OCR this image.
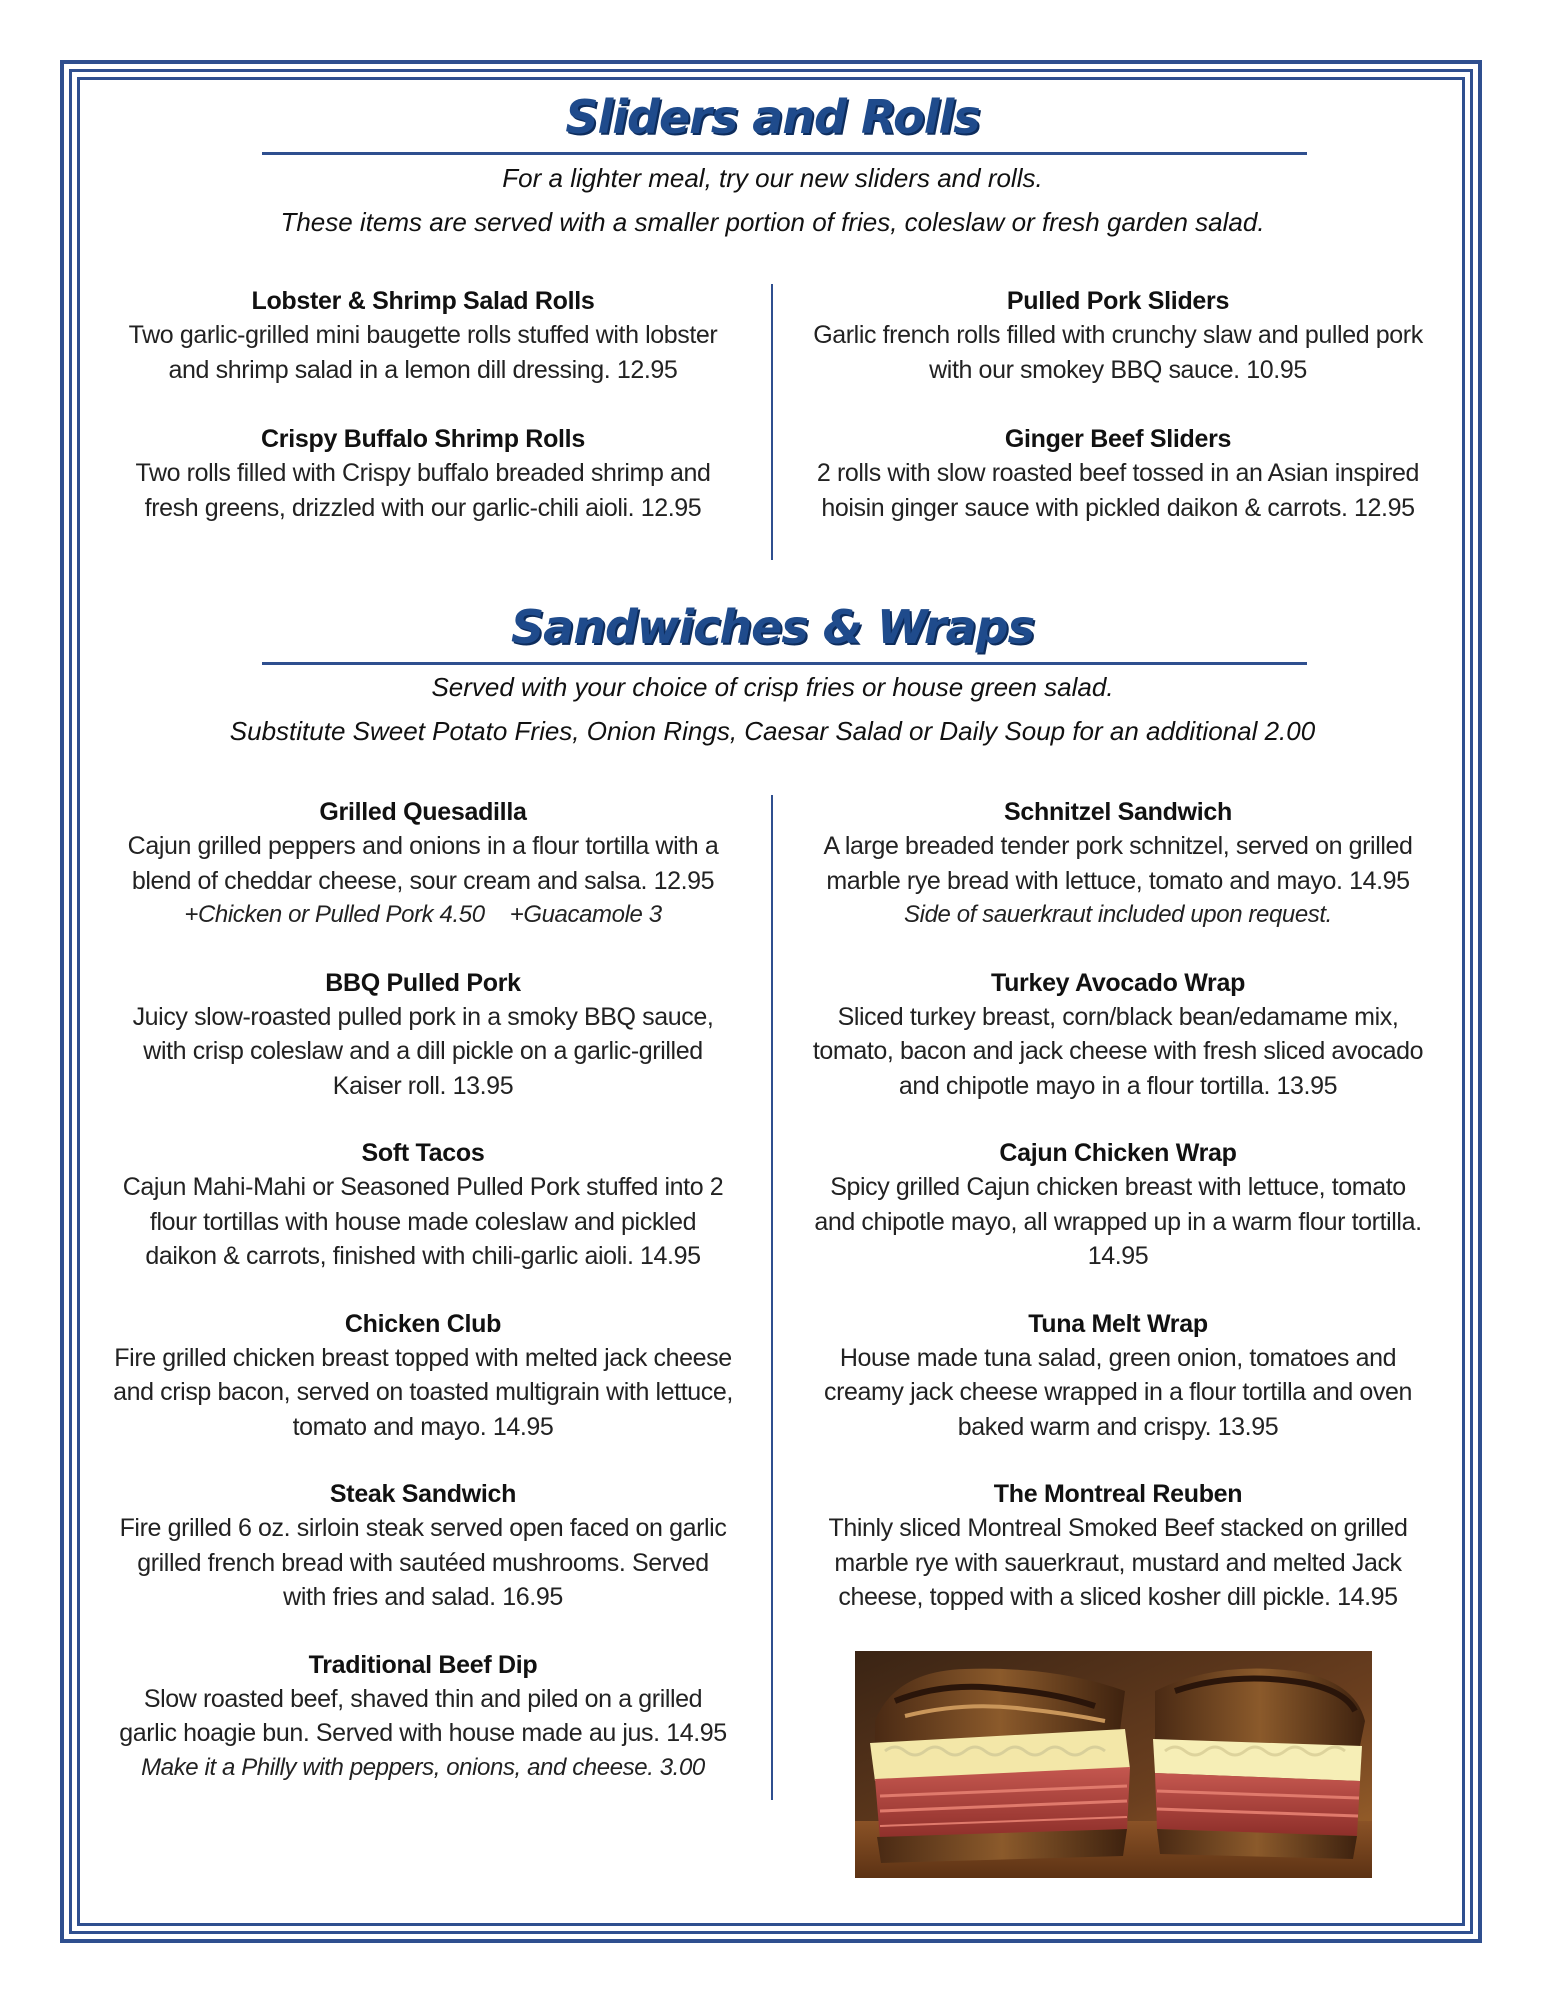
Sliders and Rolls
For a lighter meal, try our new sliders and rolls.
These items are served with a smaller portion of fries, coleslaw or fresh garden salad.
Lobster & Shrimp Salad Rolls
Two garlic-grilled mini baugette rolls stuffed with lobster
and shrimp salad in a lemon dill dressing. 12.95
Crispy Buffalo Shrimp Rolls
Two rolls filled with Crispy buffalo breaded shrimp and
fresh greens, drizzled with our garlic-chili aioli. 12.95
Pulled Pork Sliders
Garlic french rolls filled with crunchy slaw and pulled pork
with our smokey BBQ sauce. 10.95
Ginger Beef Sliders
2 rolls with slow roasted beef tossed in an Asian inspired
hoisin ginger sauce with pickled daikon & carrots. 12.95
Sandwiches & Wraps
Served with your choice of crisp fries or house green salad.
Substitute Sweet Potato Fries, Onion Rings, Caesar Salad or Daily Soup for an additional 2.00
Grilled Quesadilla
Cajun grilled peppers and onions in a flour tortilla with a
blend of cheddar cheese, sour cream and salsa. 12.95
+Chicken or Pulled Pork 4.50    +Guacamole 3
BBQ Pulled Pork
Juicy slow-roasted pulled pork in a smoky BBQ sauce,
with crisp coleslaw and a dill pickle on a garlic-grilled
Kaiser roll. 13.95
Soft Tacos
Cajun Mahi-Mahi or Seasoned Pulled Pork stuffed into 2
flour tortillas with house made coleslaw and pickled
daikon & carrots, finished with chili-garlic aioli. 14.95
Chicken Club
Fire grilled chicken breast topped with melted jack cheese
and crisp bacon, served on toasted multigrain with lettuce,
tomato and mayo. 14.95
Steak Sandwich
Fire grilled 6 oz. sirloin steak served open faced on garlic
grilled french bread with sautéed mushrooms. Served
with fries and salad. 16.95
Traditional Beef Dip
Slow roasted beef, shaved thin and piled on a grilled
garlic hoagie bun. Served with house made au jus. 14.95
Make it a Philly with peppers, onions, and cheese. 3.00
Schnitzel Sandwich
A large breaded tender pork schnitzel, served on grilled
marble rye bread with lettuce, tomato and mayo. 14.95
Side of sauerkraut included upon request.
Turkey Avocado Wrap
Sliced turkey breast, corn/black bean/edamame mix,
tomato, bacon and jack cheese with fresh sliced avocado
and chipotle mayo in a flour tortilla. 13.95
Cajun Chicken Wrap
Spicy grilled Cajun chicken breast with lettuce, tomato
and chipotle mayo, all wrapped up in a warm flour tortilla.
14.95
Tuna Melt Wrap
House made tuna salad, green onion, tomatoes and
creamy jack cheese wrapped in a flour tortilla and oven
baked warm and crispy. 13.95
The Montreal Reuben
Thinly sliced Montreal Smoked Beef stacked on grilled
marble rye with sauerkraut, mustard and melted Jack
cheese, topped with a sliced kosher dill pickle. 14.95
